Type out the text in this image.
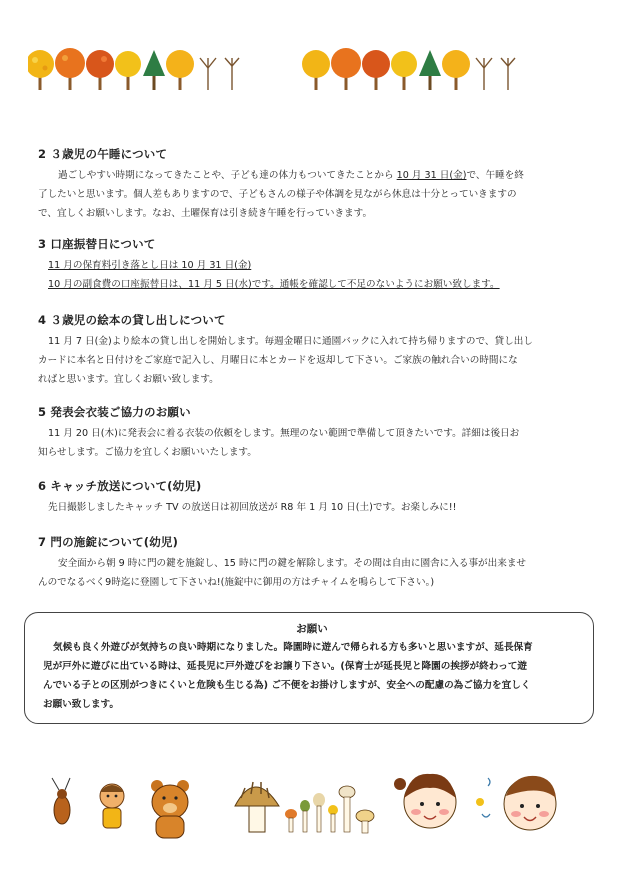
2 ３歳児の午睡について

過ごしやすい時期になってきたことや、子ども達の体力もついてきたことから 10 月 31 日(金)で、午睡を終
了したいと思います。個人差もありますので、子どもさんの様子や体調を見ながら休息は十分とっていきますの
で、宜しくお願いします。なお、土曜保育は引き続き午睡を行っていきます。

3 口座振替日について

11 月の保育料引き落とし日は 10 月 31 日(金)
10 月の副食費の口座振替日は、11 月 5 日(水)です。通帳を確認して不足のないようにお願い致します。

4 ３歳児の絵本の貸し出しについて

11 月 7 日(金)より絵本の貸し出しを開始します。毎週金曜日に通園バックに入れて持ち帰りますので、貸し出し
カードに本名と日付けをご家庭で記入し、月曜日に本とカードを返却して下さい。ご家族の触れ合いの時間にな
ればと思います。宜しくお願い致します。

5 発表会衣装ご協力のお願い

11 月 20 日(木)に発表会に着る衣装の依頼をします。無理のない範囲で準備して頂きたいです。詳細は後日お
知らせします。ご協力を宜しくお願いいたします。

6 キャッチ放送について(幼児)

先日撮影しましたキャッチ TV の放送日は初回放送が R8 年 1 月 10 日(土)です。お楽しみに!!

7 門の施錠について(幼児)

安全面から朝 9 時に門の鍵を施錠し、15 時に門の鍵を解除します。その間は自由に園舎に入る事が出来ませ
んのでなるべく9時迄に登園して下さいね!(施錠中に御用の方はチャイムを鳴らして下さい。)

お願い

気候も良く外遊びが気持ちの良い時期になりました。降園時に遊んで帰られる方も多いと思いますが、延長保育
児が戸外に遊びに出ている時は、延長児に戸外遊びをお譲り下さい。(保育士が延長児と降園の挨拶が終わって遊
んでいる子との区別がつきにくいと危険も生じる為) ご不便をお掛けしますが、安全への配慮の為ご協力を宜しく
お願い致します。
